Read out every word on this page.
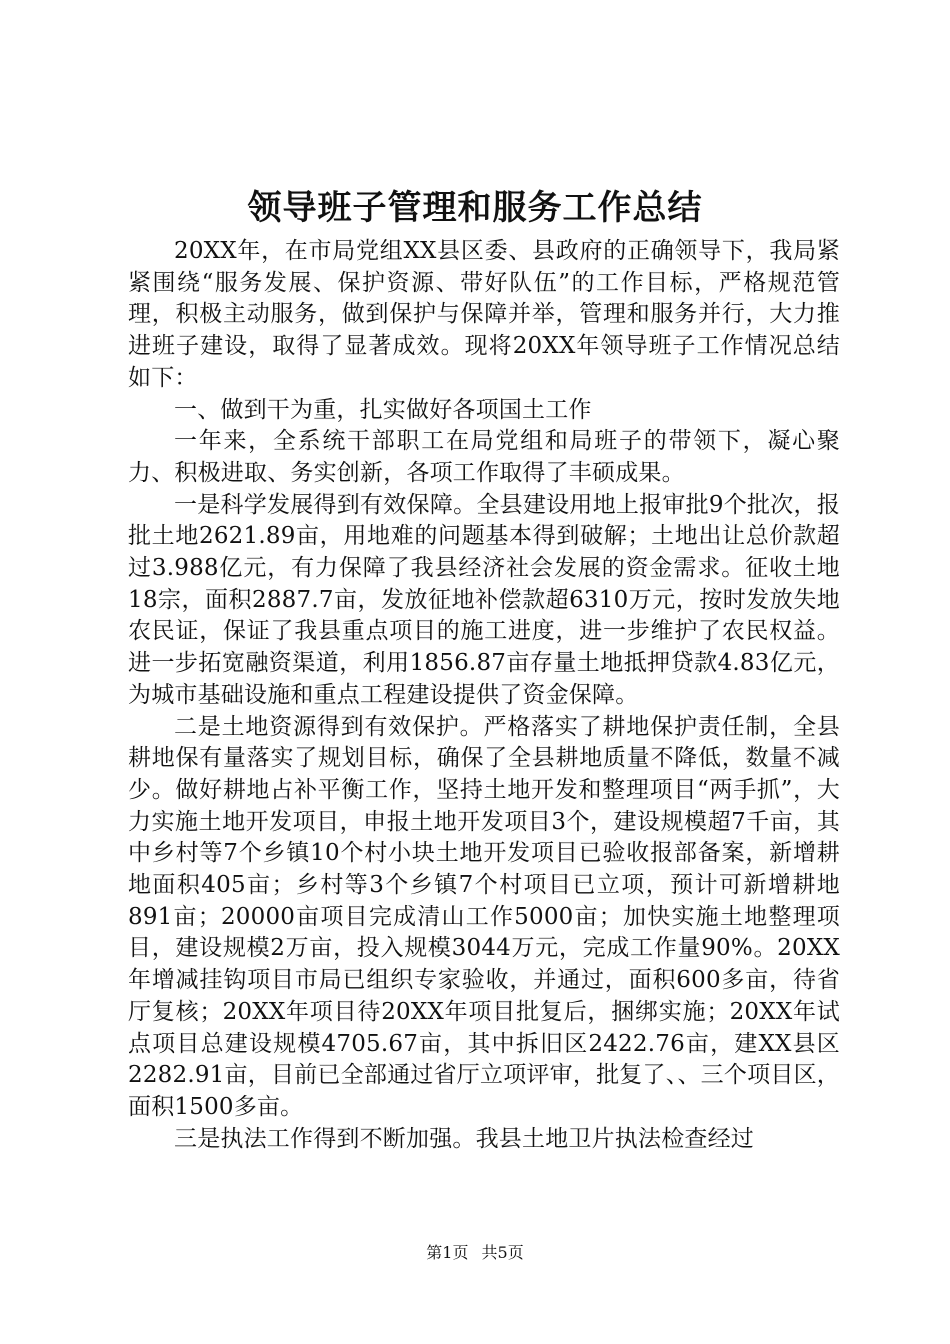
领导班子管理和服务工作总结

20XX年，在市局党组XX县区委、县政府的正确领导下，我局紧紧围绕“服务发展、保护资源、带好队伍”的工作目标，严格规范管理，积极主动服务，做到保护与保障并举，管理和服务并行，大力推进班子建设，取得了显著成效。现将20XX年领导班子工作情况总结如下：

一、做到干为重，扎实做好各项国土工作

一年来，全系统干部职工在局党组和局班子的带领下，凝心聚力、积极进取、务实创新，各项工作取得了丰硕成果。

一是科学发展得到有效保障。全县建设用地上报审批9个批次，报批土地2621.89亩，用地难的问题基本得到破解；土地出让总价款超过3.988亿元，有力保障了我县经济社会发展的资金需求。征收土地18宗，面积2887.7亩，发放征地补偿款超6310万元，按时发放失地农民证，保证了我县重点项目的施工进度，进一步维护了农民权益。进一步拓宽融资渠道，利用1856.87亩存量土地抵押贷款4.83亿元，为城市基础设施和重点工程建设提供了资金保障。

二是土地资源得到有效保护。严格落实了耕地保护责任制，全县耕地保有量落实了规划目标，确保了全县耕地质量不降低，数量不减少。做好耕地占补平衡工作，坚持土地开发和整理项目“两手抓”，大力实施土地开发项目，申报土地开发项目3个，建设规模超7千亩，其中乡村等7个乡镇10个村小块土地开发项目已验收报部备案，新增耕地面积405亩；乡村等3个乡镇7个村项目已立项，预计可新增耕地891亩；20000亩项目完成清山工作5000亩；加快实施土地整理项目，建设规模2万亩，投入规模3044万元，完成工作量90%。20XX年增减挂钩项目市局已组织专家验收，并通过，面积600多亩，待省厅复核；20XX年项目待20XX年项目批复后，捆绑实施；20XX年试点项目总建设规模4705.67亩，其中拆旧区2422.76亩，建XX县区2282.91亩，目前已全部通过省厅立项评审，批复了、、三个项目区，面积1500多亩。

三是执法工作得到不断加强。我县土地卫片执法检查经过

第1页 共5页
